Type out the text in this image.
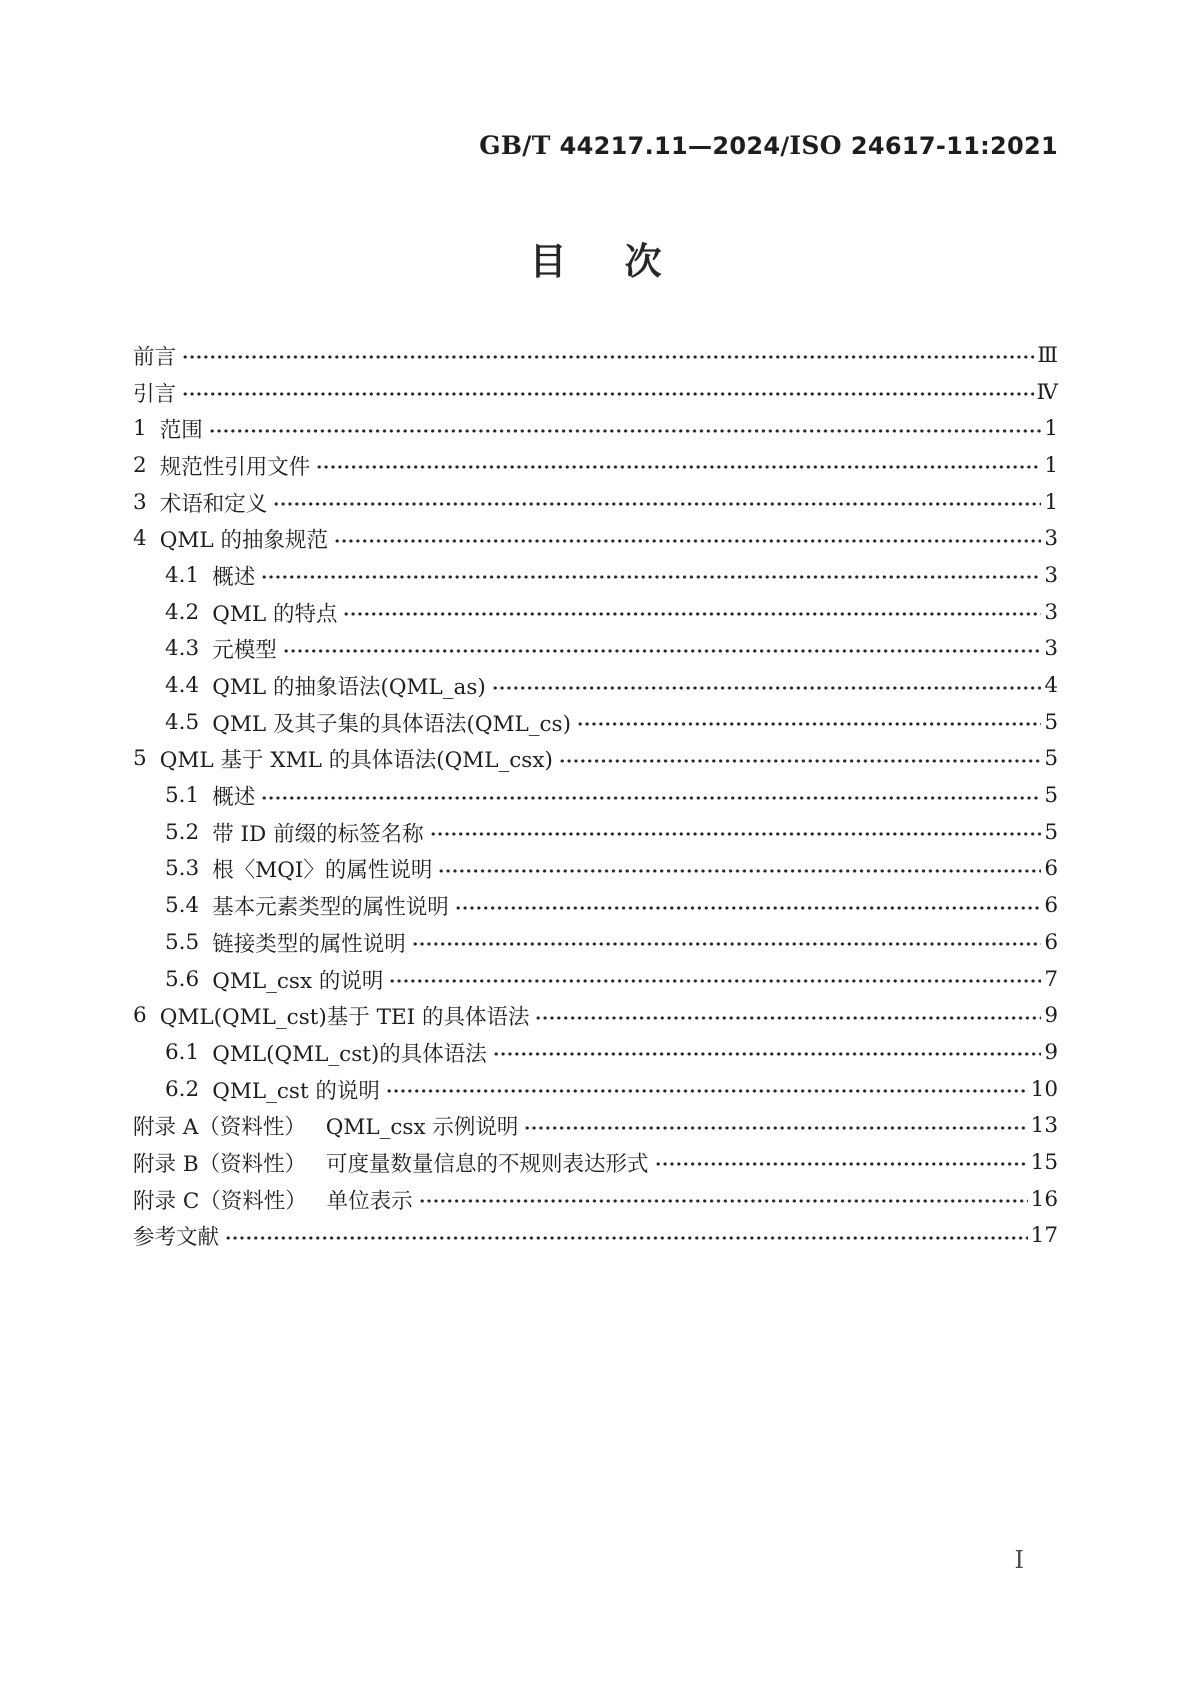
GB/T 44217.11—2024/ISO 24617-11:2021
目 次
前言	Ⅲ
引言	Ⅳ
1 范围	1
2 规范性引用文件	1
3 术语和定义	1
4 QML 的抽象规范	3
4.1 概述	3
4.2 QML 的特点	3
4.3 元模型	3
4.4 QML 的抽象语法(QML_as)	4
4.5 QML 及其子集的具体语法(QML_cs)	5
5 QML 基于 XML 的具体语法(QML_csx)	5
5.1 概述	5
5.2 带 ID 前缀的标签名称	5
5.3 根〈MQI〉的属性说明	6
5.4 基本元素类型的属性说明	6
5.5 链接类型的属性说明	6
5.6 QML_csx 的说明	7
6 QML(QML_cst)基于 TEI 的具体语法	9
6.1 QML(QML_cst)的具体语法	9
6.2 QML_cst 的说明	10
附录 A（资料性） QML_csx 示例说明	13
附录 B（资料性） 可度量数量信息的不规则表达形式	15
附录 C（资料性） 单位表示	16
参考文献	17
Ⅰ
